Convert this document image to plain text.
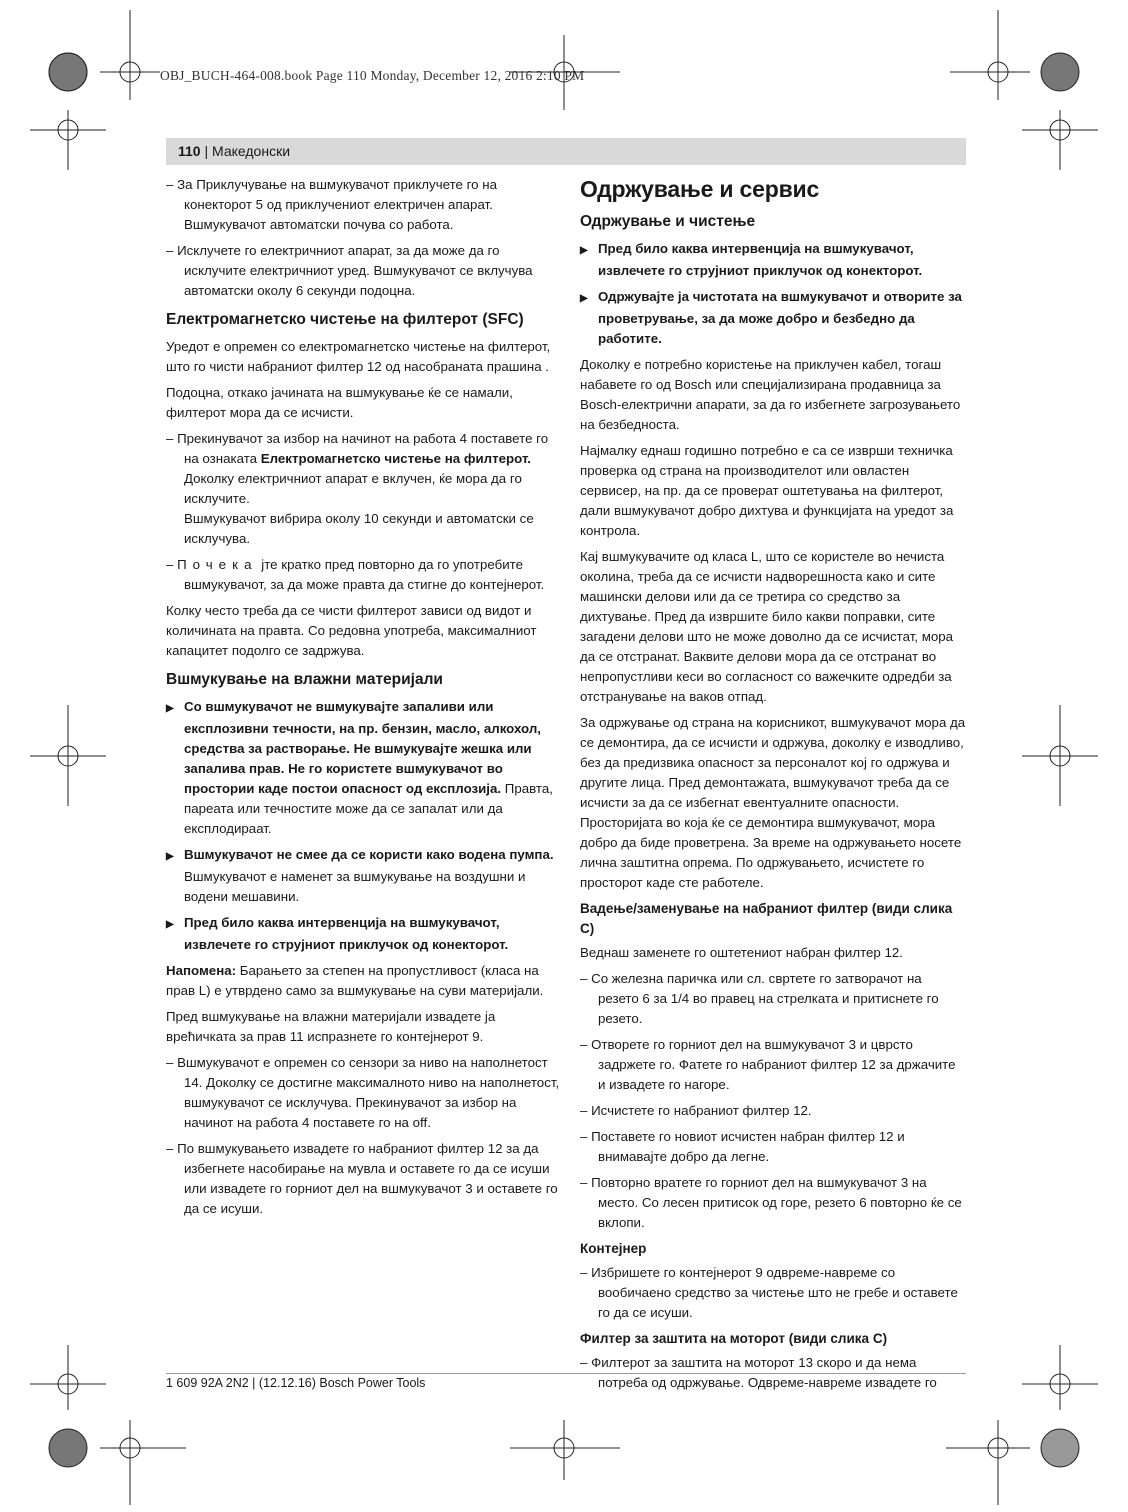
OBJ_BUCH-464-008.book Page 110 Monday, December 12, 2016 2:10 PM
110 | Македонски

– За Приклучување на вшмукувачот приклучете го на конекторот 5 од приклучениот електричен апарат. Вшмукувачот автоматски почува со работа.

– Исклучете го електричниот апарат, за да може да го исклучите електричниот уред. Вшмукувачот се вклучува автоматски околу 6 секунди подоцна.

Електромагнетско чистење на филтерот (SFC)

Уредот е опремен со електромагнетско чистење на филтерот, што го чисти набраниот филтер 12 од насобраната прашина .

Подоцна, откако јачината на вшмукување ќе се намали, филтерот мора да се исчисти.

– Прекинувачот за избор на начинот на работа 4 поставете го на ознаката Електромагнетско чистење на филтерот. Доколку електричниот апарат е вклучен, ќе мора да го исклучите.
Вшмукувачот вибрира околу 10 секунди и автоматски се исклучува.

– Почека јте кратко пред повторно да го употребите вшмукувачот, за да може правта да стигне до контејнерот.

Колку често треба да се чисти филтерот зависи од видот и количината на правта. Со редовна употреба, максималниот капацитет подолго се задржува.

Вшмукување на влажни материјали

▶ Со вшмукувачот не вшмукувајте запаливи или експлозивни течности, на пр. бензин, масло, алкохол, средства за растворање. Не вшмукувајте жешка или запалива прав. Не го користете вшмукувачот во простории каде постои опасност од експлозија. Правта, пареата или течностите може да се запалат или да експлодираат.

▶ Вшмукувачот не смее да се користи како водена пумпа. Вшмукувачот е наменет за вшмукување на воздушни и водени мешавини.

▶ Пред било каква интервенција на вшмукувачот, извлечете го струјниот приклучок од конекторот.

Напомена: Барањето за степен на пропустливост (класа на прав L) е утврдено само за вшмукување на суви материјали.

Пред вшмукување на влажни материјали извадете ја врећичката за прав 11 испразнете го контејнерот 9.

– Вшмукувачот е опремен со сензори за ниво на наполнетост 14. Доколку се достигне максималното ниво на наполнетост, вшмукувачот се исклучува. Прекинувачот за избор на начинот на работа 4 поставете го на off.

– По вшмукувањето извадете го набраниот филтер 12 за да избегнете насобирање на мувла и оставете го да се исуши или извадете го горниот дел на вшмукувачот 3 и оставете го да се исуши.

Одржување и сервис
Одржување и чистење

▶ Пред било каква интервенција на вшмукувачот, извлечете го струјниот приклучок од конекторот.

▶ Одржувајте ја чистотата на вшмукувачот и отворите за проветрување, за да може добро и безбедно да работите.

Доколку е потребно користење на приклучен кабел, тогаш набавете го од Bosch или специјализирана продавница за Bosch-електрични апарати, за да го избегнете загрозувањето на безбедноста.

Најмалку еднаш годишно потребно е са се изврши техничка проверка од страна на производителот или овластен сервисер, на пр. да се проверат оштетувања на филтерот, дали вшмукувачот добро дихтува и функцијата на уредот за контрола.

Кај вшмукувачите од класа L, што се користеле во нечиста околина, треба да се исчисти надворешноста како и сите машински делови или да се третира со средство за дихтување. Пред да извршите било какви поправки, сите загадени делови што не може доволно да се исчистат, мора да се отстранат. Ваквите делови мора да се отстранат во непропустливи кеси во согласност со важечките одредби за отстранување на ваков отпад.

За одржување од страна на корисникот, вшмукувачот мора да се демонтира, да се исчисти и одржува, доколку е изводливо, без да предизвика опасност за персоналот кој го одржува и другите лица. Пред демонтажата, вшмукувачот треба да се исчисти за да се избегнат евентуалните опасности. Просторијата во која ќе се демонтира вшмукувачот, мора добро да биде проветрена. За време на одржувањето носете лична заштитна опрема. По одржувањето, исчистете го просторот каде сте работеле.

Вадење/заменување на набраниот филтер (види слика C)

Веднаш заменете го оштетениот набран филтер 12.

– Со железна паричка или сл. свртете го затворачот на резето 6 за 1/4 во правец на стрелката и притиснете го резето.

– Отворете го горниот дел на вшмукувачот 3 и цврсто задржете го. Фатете го набраниот филтер 12 за држачите и извадете го нагоре.

– Исчистете го набраниот филтер 12.

– Поставете го новиот исчистен набран филтер 12 и внимавајте добро да легне.

– Повторно вратете го горниот дел на вшмукувачот 3 на место. Со лесен притисок од горе, резето 6 повторно ќе се вклопи.

Контејнер

– Избришете го контејнерот 9 одвреме-навреме со вообичаено средство за чистење што не гребе и оставете го да се исуши.

Филтер за заштита на моторот (види слика C)

– Филтерот за заштита на моторот 13 скоро и да нема потреба од одржување. Одвреме-навреме извадете го

1 609 92A 2N2 | (12.12.16) Bosch Power Tools
